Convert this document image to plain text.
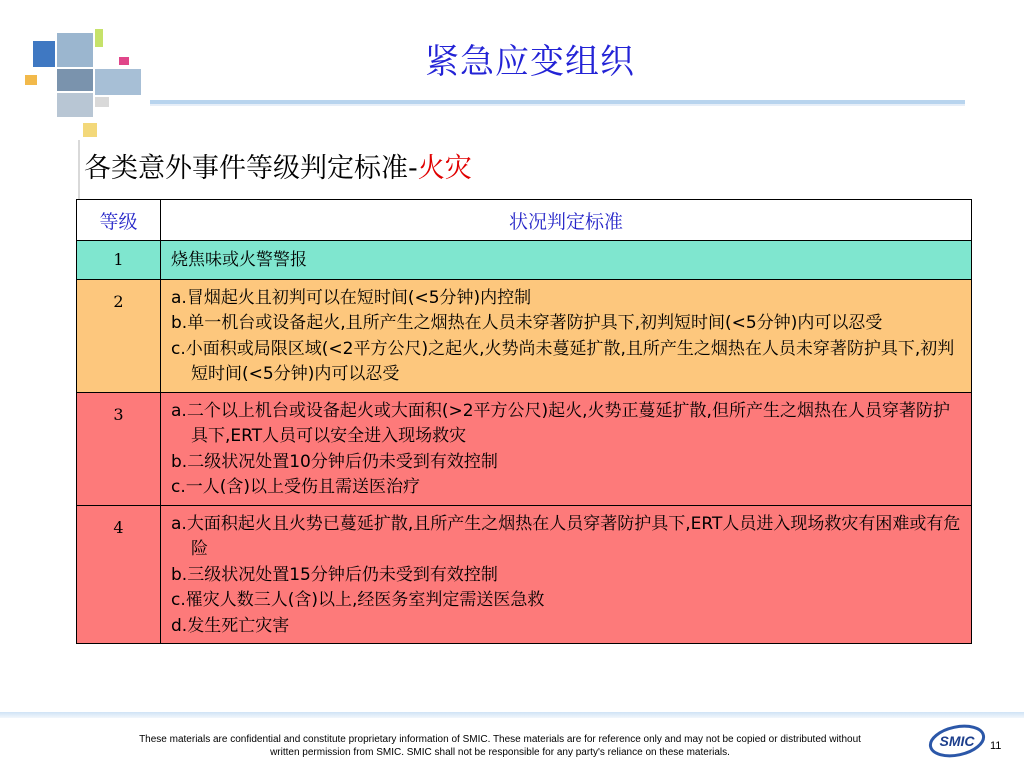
紧急应变组织
各类意外事件等级判定标准-火灾
等级	状况判定标准
1	烧焦味或火警警报

2	a.冒烟起火且初判可以在短时间(<5分钟)内控制
b.单一机台或设备起火,且所产生之烟热在人员未穿著防护具下,初判短时间(<5分钟)内可以忍受
c.小面积或局限区域(<2平方公尺)之起火,火势尚未蔓延扩散,且所产生之烟热在人员未穿著防护具下,初判短时间(<5分钟)内可以忍受

3	a.二个以上机台或设备起火或大面积(>2平方公尺)起火,火势正蔓延扩散,但所产生之烟热在人员穿著防护具下,ERT人员可以安全进入现场救灾
b.二级状况处置10分钟后仍未受到有效控制
c.一人(含)以上受伤且需送医治疗

4	a.大面积起火且火势已蔓延扩散,且所产生之烟热在人员穿著防护具下,ERT人员进入现场救灾有困难或有危险
b.三级状况处置15分钟后仍未受到有效控制
c.罹灾人数三人(含)以上,经医务室判定需送医急救
d.发生死亡灾害
These materials are confidential and constitute proprietary information of SMIC. These materials are for reference only and may not be copied or distributed without
written permission from SMIC. SMIC shall not be responsible for any party's reliance on these materials.
SMIC 11
